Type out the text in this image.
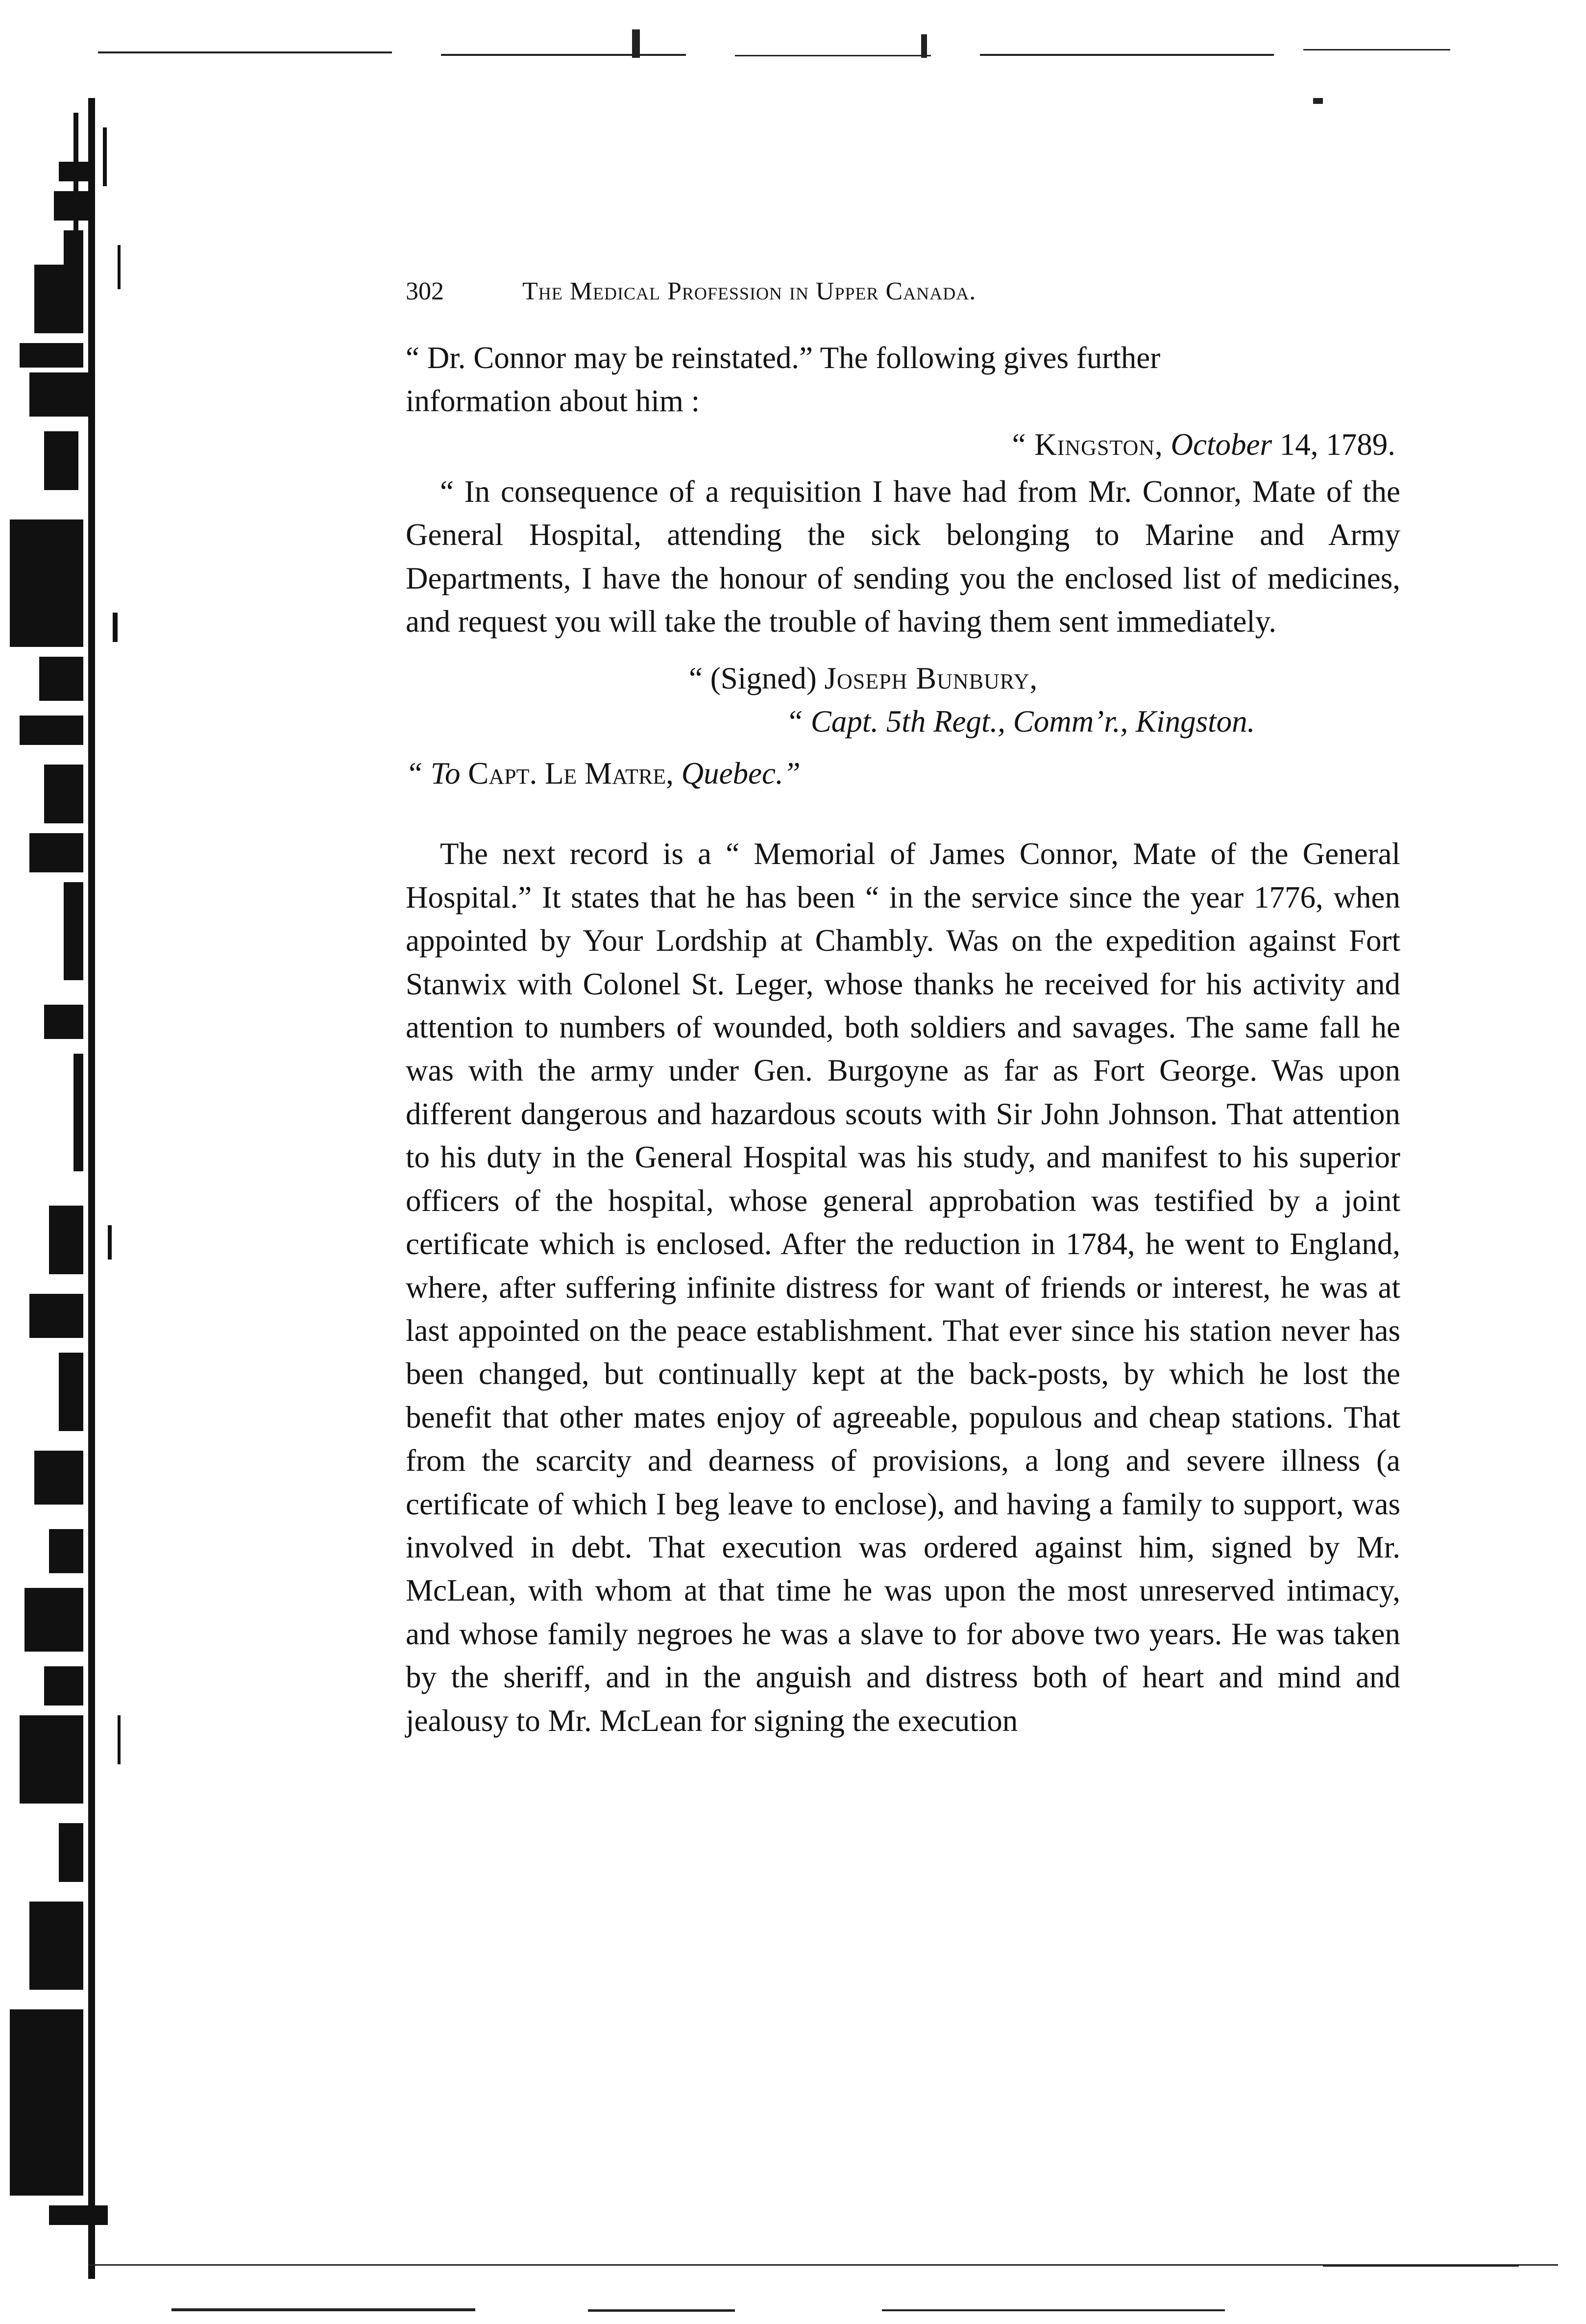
302	The Medical Profession in Upper Canada.

“ Dr. Connor may be reinstated.” The following gives further
information about him :

“ Kingston, October 14, 1789.

“ In consequence of a requisition I have had from Mr. Connor, Mate of the General Hospital, attending the sick belonging to Marine and Army Departments, I have the honour of sending you the enclosed list of medicines, and request you will take the trouble of having them sent immediately.

“ (Signed) Joseph Bunbury,

“ Capt. 5th Regt., Comm’r., Kingston.

“ To Capt. Le Matre, Quebec.”

The next record is a “ Memorial of James Connor, Mate of the General Hospital.” It states that he has been “ in the service since the year 1776, when appointed by Your Lordship at Chambly. Was on the expedition against Fort Stanwix with Colonel St. Leger, whose thanks he received for his activity and attention to numbers of wounded, both soldiers and savages. The same fall he was with the army under Gen. Burgoyne as far as Fort George. Was upon different dangerous and hazardous scouts with Sir John Johnson. That attention to his duty in the General Hospital was his study, and manifest to his superior officers of the hospital, whose general approbation was testified by a joint certificate which is enclosed. After the reduction in 1784, he went to England, where, after suffering infinite distress for want of friends or interest, he was at last appointed on the peace establishment. That ever since his station never has been changed, but continually kept at the back-posts, by which he lost the benefit that other mates enjoy of agreeable, populous and cheap stations. That from the scarcity and dearness of provisions, a long and severe illness (a certificate of which I beg leave to enclose), and having a family to support, was involved in debt. That execution was ordered against him, signed by Mr. McLean, with whom at that time he was upon the most unreserved intimacy, and whose family negroes he was a slave to for above two years. He was taken by the sheriff, and in the anguish and distress both of heart and mind and jealousy to Mr. McLean for signing the execution
